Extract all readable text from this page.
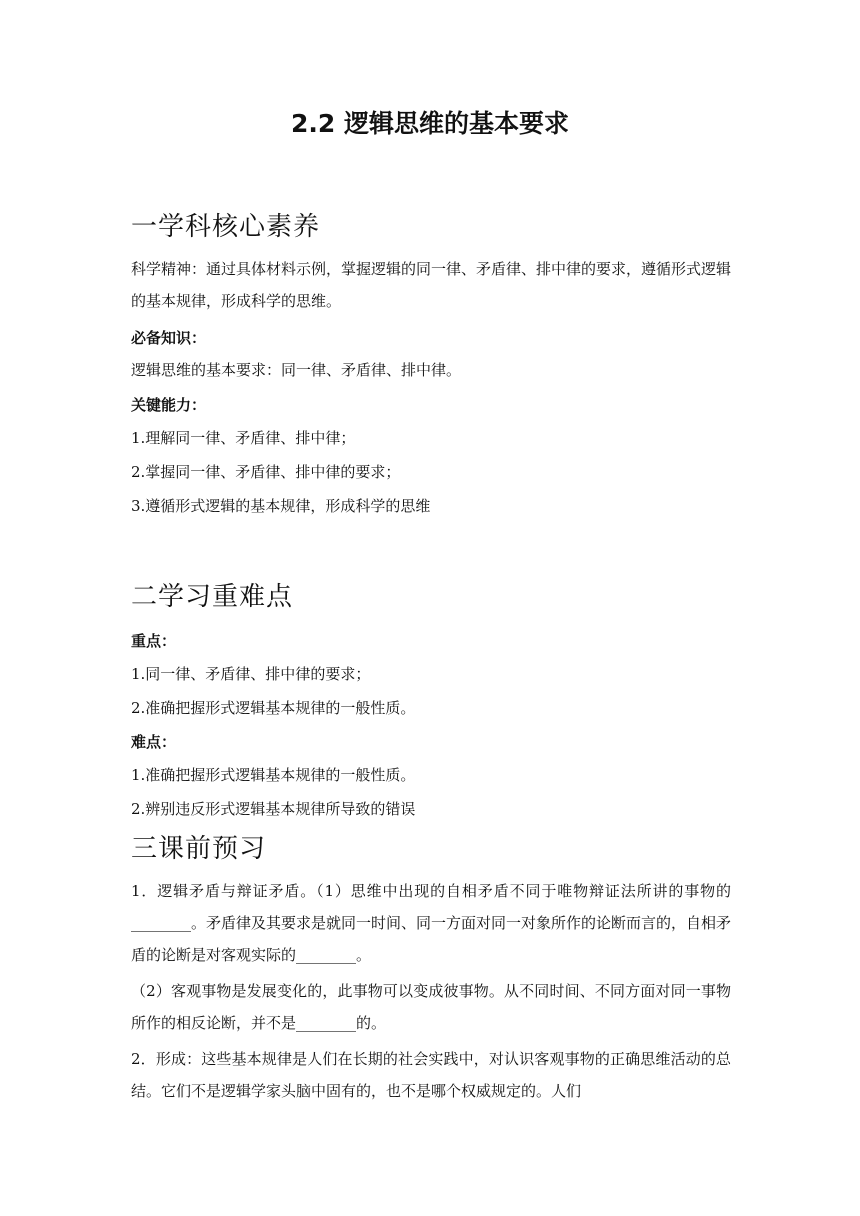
2.2 逻辑思维的基本要求
一学科核心素养
科学精神：通过具体材料示例，掌握逻辑的同一律、矛盾律、排中律的要求，遵循形式逻辑的基本规律，形成科学的思维。
必备知识：
逻辑思维的基本要求：同一律、矛盾律、排中律。
关键能力：
1.理解同一律、矛盾律、排中律；
2.掌握同一律、矛盾律、排中律的要求；
3.遵循形式逻辑的基本规律，形成科学的思维
二学习重难点
重点：
1.同一律、矛盾律、排中律的要求；
2.准确把握形式逻辑基本规律的一般性质。
难点：
1.准确把握形式逻辑基本规律的一般性质。
2.辨别违反形式逻辑基本规律所导致的错误
三课前预习
1．逻辑矛盾与辩证矛盾。（1）思维中出现的自相矛盾不同于唯物辩证法所讲的事物的________。矛盾律及其要求是就同一时间、同一方面对同一对象所作的论断而言的，自相矛盾的论断是对客观实际的________。
（2）客观事物是发展变化的，此事物可以变成彼事物。从不同时间、不同方面对同一事物所作的相反论断，并不是________的。
2．形成：这些基本规律是人们在长期的社会实践中，对认识客观事物的正确思维活动的总结。它们不是逻辑学家头脑中固有的，也不是哪个权威规定的。人们
